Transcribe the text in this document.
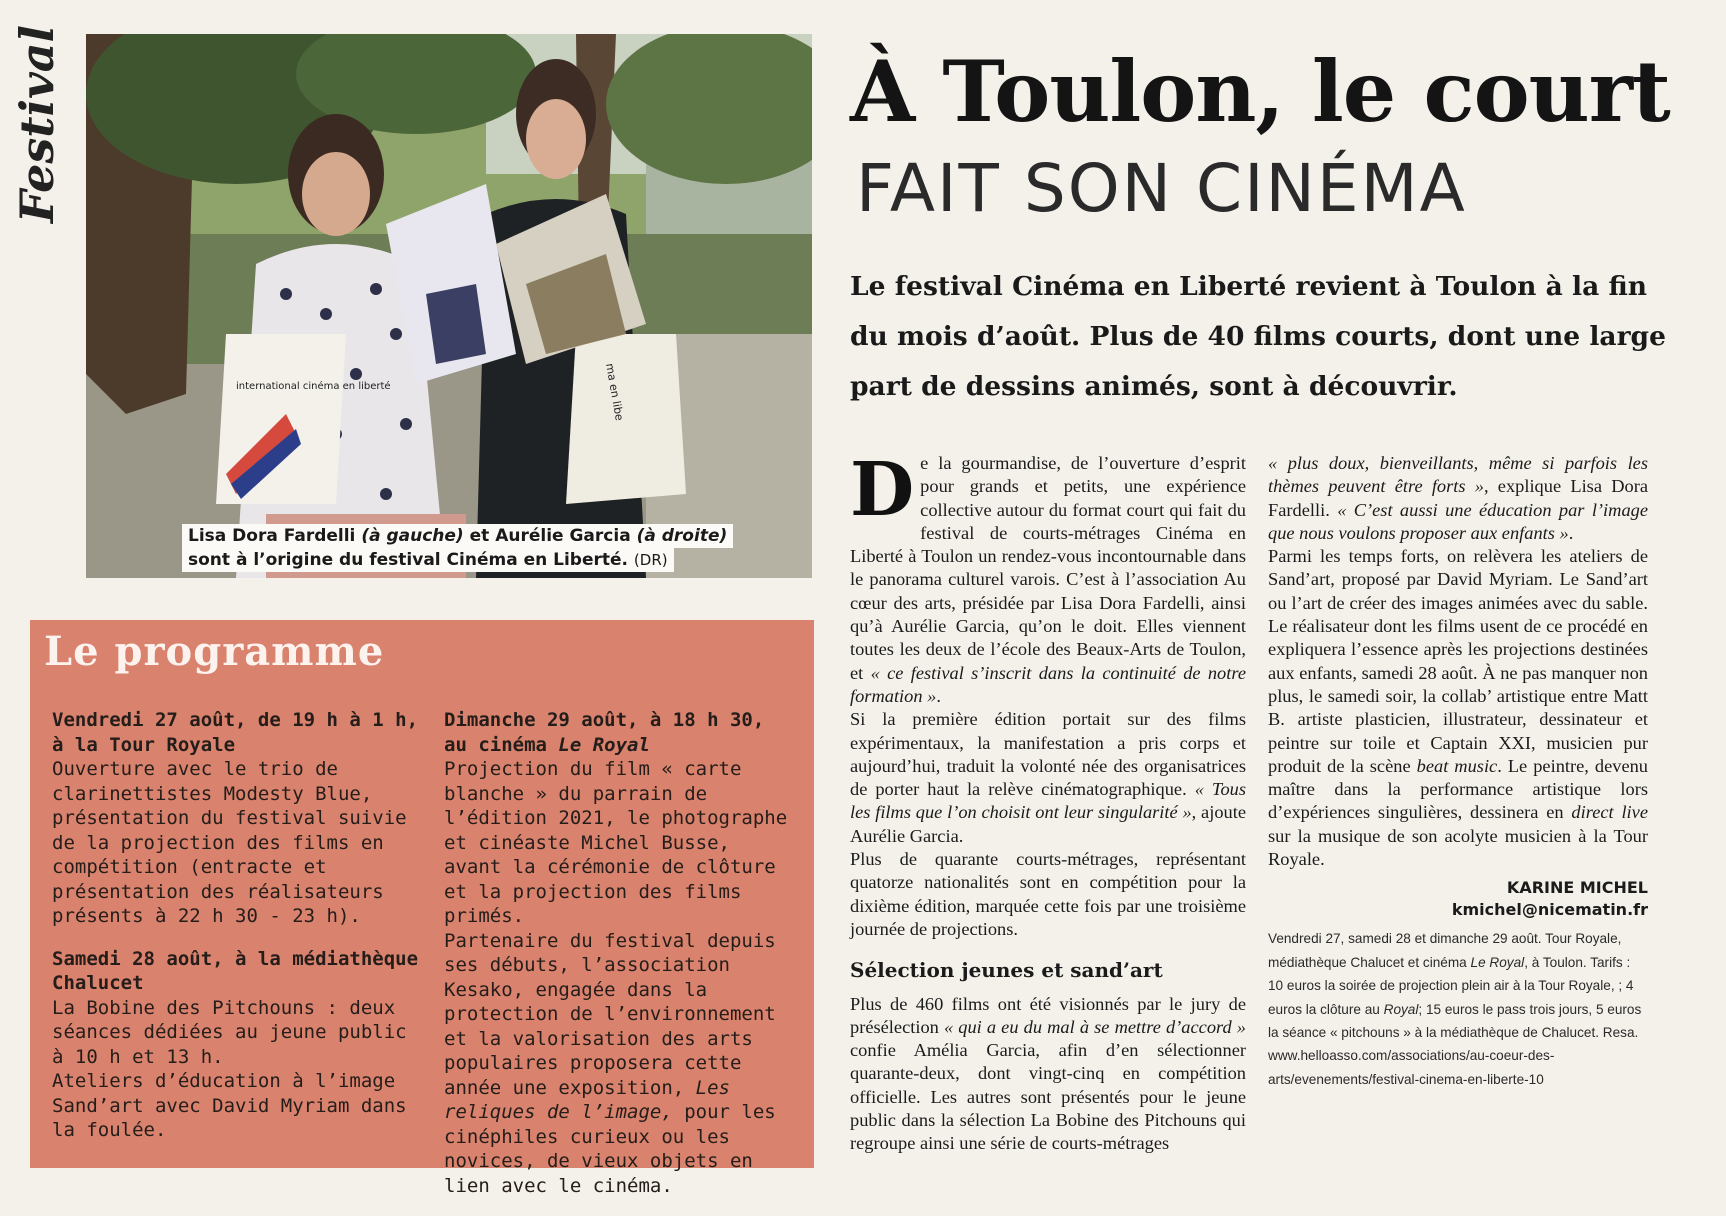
Festival
international cinéma en liberté	ma en libe
Lisa Dora Fardelli (à gauche) et Aurélie Garcia (à droite)
sont à l’origine du festival Cinéma en Liberté. (DR)
Le programme

Vendredi 27 août, de 19 h à 1 h, à la Tour Royale
Ouverture avec le trio de clarinettistes Modesty Blue, présentation du festival suivie de la projection des films en compétition (entracte et présentation des réalisateurs présents à 22 h 30 - 23 h).

Samedi 28 août, à la médiathèque Chalucet
La Bobine des Pitchouns : deux séances dédiées au jeune public à 10 h et 13 h.
Ateliers d’éducation à l’image Sand’art avec David Myriam dans la foulée.

Dimanche 29 août, à 18 h 30, au cinéma Le Royal
Projection du film « carte blanche » du parrain de l’édition 2021, le photographe et cinéaste Michel Busse, avant la cérémonie de clôture et la projection des films primés.
Partenaire du festival depuis ses débuts, l’association Kesako, engagée dans la protection de l’environnement et la valorisation des arts populaires proposera cette année une exposition, Les reliques de l’image, pour les cinéphiles curieux ou les novices, de vieux objets en lien avec le cinéma.

À Toulon, le court
FAIT SON CINÉMA
Le festival Cinéma en Liberté revient à Toulon à la fin du mois d’août. Plus de 40 films courts, dont une large part de dessins animés, sont à découvrir.

De la gourmandise, de l’ouverture d’esprit pour grands et petits, une expérience collective autour du format court qui fait du festival de courts-métrages Cinéma en Liberté à Toulon un rendez-vous incontournable dans le panorama culturel varois. C’est à l’association Au cœur des arts, présidée par Lisa Dora Fardelli, ainsi qu’à Aurélie Garcia, qu’on le doit. Elles viennent toutes les deux de l’école des Beaux-Arts de Toulon, et « ce festival s’inscrit dans la continuité de notre formation ».

Si la première édition portait sur des films expérimentaux, la manifestation a pris corps et aujourd’hui, traduit la volonté née des organisatrices de porter haut la relève cinématographique. « Tous les films que l’on choisit ont leur singularité », ajoute Aurélie Garcia.

Plus de quarante courts-métrages, représentant quatorze nationalités sont en compétition pour la dixième édition, marquée cette fois par une troisième journée de projections.

Sélection jeunes et sand’art

Plus de 460 films ont été visionnés par le jury de présélection « qui a eu du mal à se mettre d’accord » confie Amélia Garcia, afin d’en sélectionner quarante-deux, dont vingt-cinq en compétition officielle. Les autres sont présentés pour le jeune public dans la sélection La Bobine des Pitchouns qui regroupe ainsi une série de courts-métrages

« plus doux, bienveillants, même si parfois les thèmes peuvent être forts », explique Lisa Dora Fardelli. « C’est aussi une éducation par l’image que nous voulons proposer aux enfants ».

Parmi les temps forts, on relèvera les ateliers de Sand’art, proposé par David Myriam. Le Sand’art ou l’art de créer des images animées avec du sable. Le réalisateur dont les films usent de ce procédé en expliquera l’essence après les projections destinées aux enfants, samedi 28 août. À ne pas manquer non plus, le samedi soir, la collab’ artistique entre Matt B. artiste plasticien, illustrateur, dessinateur et peintre sur toile et Captain XXI, musicien pur produit de la scène beat music. Le peintre, devenu maître dans la performance artistique lors d’expériences singulières, dessinera en direct live sur la musique de son acolyte musicien à la Tour Royale.

KARINE MICHEL
kmichel@nicematin.fr
Vendredi 27, samedi 28 et dimanche 29 août. Tour Royale, médiathèque Chalucet et cinéma Le Royal, à Toulon. Tarifs : 10 euros la soirée de projection plein air à la Tour Royale, ; 4 euros la clôture au Royal; 15 euros le pass trois jours, 5 euros la séance « pitchouns » à la médiathèque de Chalucet. Resa. www.helloasso.com/associations/au-coeur-des-arts/evenements/festival-cinema-en-liberte-10
